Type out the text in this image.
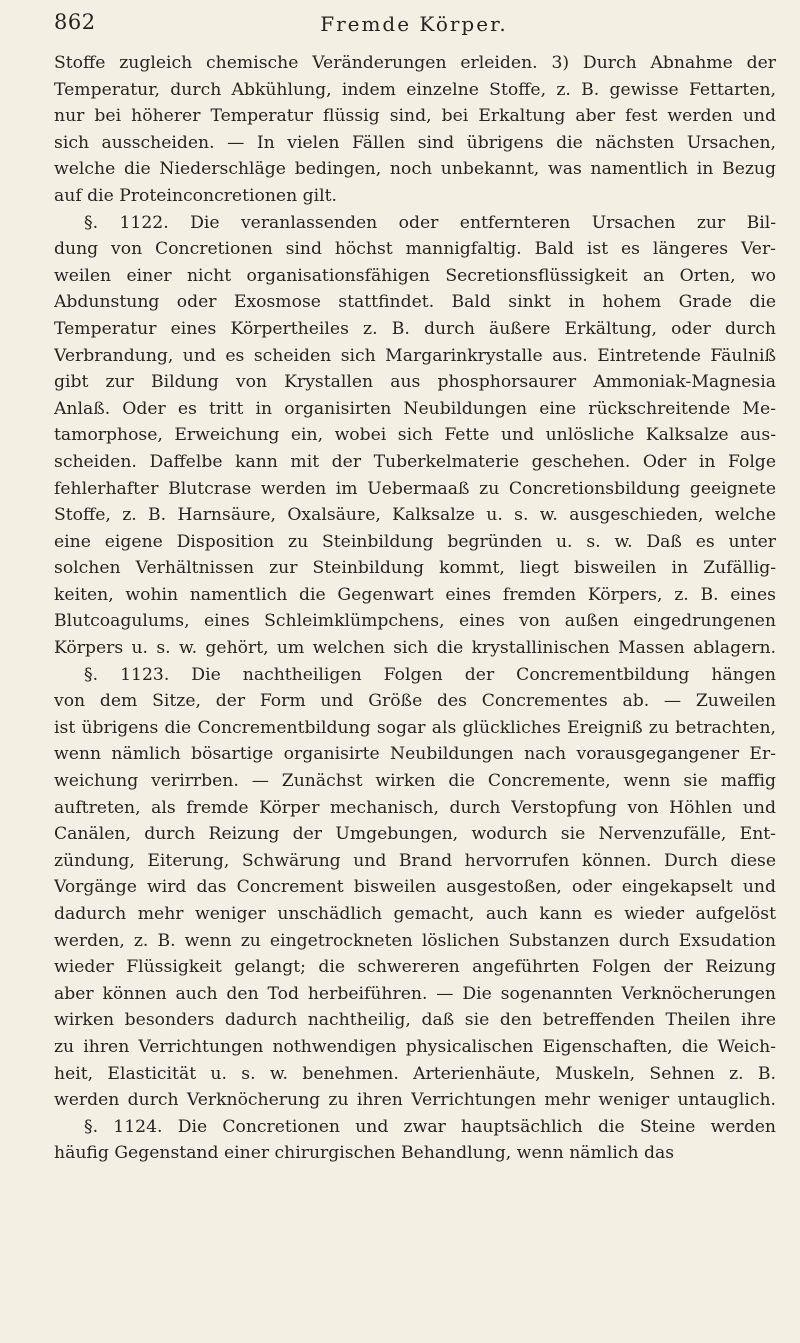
862	Fremde Körper.
Stoffe zugleich chemische Veränderungen erleiden. 3) Durch Abnahme der
Temperatur, durch Abkühlung, indem einzelne Stoffe, z. B. gewisse Fettarten,
nur bei höherer Temperatur flüssig sind, bei Erkaltung aber fest werden und
sich ausscheiden. — In vielen Fällen sind übrigens die nächsten Ursachen,
welche die Niederschläge bedingen, noch unbekannt, was namentlich in Bezug
auf die Proteinconcretionen gilt.
§. 1122. Die veranlassenden oder entfernteren Ursachen zur Bil-
dung von Concretionen sind höchst mannigfaltig. Bald ist es längeres Ver-
weilen einer nicht organisationsfähigen Secretionsflüssigkeit an Orten, wo
Abdunstung oder Exosmose stattfindet. Bald sinkt in hohem Grade die
Temperatur eines Körpertheiles z. B. durch äußere Erkältung, oder durch
Verbrandung, und es scheiden sich Margarinkrystalle aus. Eintretende Fäulniß
gibt zur Bildung von Krystallen aus phosphorsaurer Ammoniak-Magnesia
Anlaß. Oder es tritt in organisirten Neubildungen eine rückschreitende Me-
tamorphose, Erweichung ein, wobei sich Fette und unlösliche Kalksalze aus-
scheiden. Daffelbe kann mit der Tuberkelmaterie geschehen. Oder in Folge
fehlerhafter Blutcrase werden im Uebermaaß zu Concretionsbildung geeignete
Stoffe, z. B. Harnsäure, Oxalsäure, Kalksalze u. s. w. ausgeschieden, welche
eine eigene Disposition zu Steinbildung begründen u. s. w. Daß es unter
solchen Verhältnissen zur Steinbildung kommt, liegt bisweilen in Zufällig-
keiten, wohin namentlich die Gegenwart eines fremden Körpers, z. B. eines
Blutcoagulums, eines Schleimklümpchens, eines von außen eingedrungenen
Körpers u. s. w. gehört, um welchen sich die krystallinischen Massen ablagern.
§. 1123. Die nachtheiligen Folgen der Concrementbildung hängen
von dem Sitze, der Form und Größe des Concrementes ab. — Zuweilen
ist übrigens die Concrementbildung sogar als glückliches Ereigniß zu betrachten,
wenn nämlich bösartige organisirte Neubildungen nach vorausgegangener Er-
weichung verirrben. — Zunächst wirken die Concremente, wenn sie maffig
auftreten, als fremde Körper mechanisch, durch Verstopfung von Höhlen und
Canälen, durch Reizung der Umgebungen, wodurch sie Nervenzufälle, Ent-
zündung, Eiterung, Schwärung und Brand hervorrufen können. Durch diese
Vorgänge wird das Concrement bisweilen ausgestoßen, oder eingekapselt und
dadurch mehr weniger unschädlich gemacht, auch kann es wieder aufgelöst
werden, z. B. wenn zu eingetrockneten löslichen Substanzen durch Exsudation
wieder Flüssigkeit gelangt; die schwereren angeführten Folgen der Reizung
aber können auch den Tod herbeiführen. — Die sogenannten Verknöcherungen
wirken besonders dadurch nachtheilig, daß sie den betreffenden Theilen ihre
zu ihren Verrichtungen nothwendigen physicalischen Eigenschaften, die Weich-
heit, Elasticität u. s. w. benehmen. Arterienhäute, Muskeln, Sehnen z. B.
werden durch Verknöcherung zu ihren Verrichtungen mehr weniger untauglich.
§. 1124. Die Concretionen und zwar hauptsächlich die Steine werden
häufig Gegenstand einer chirurgischen Behandlung, wenn nämlich das
